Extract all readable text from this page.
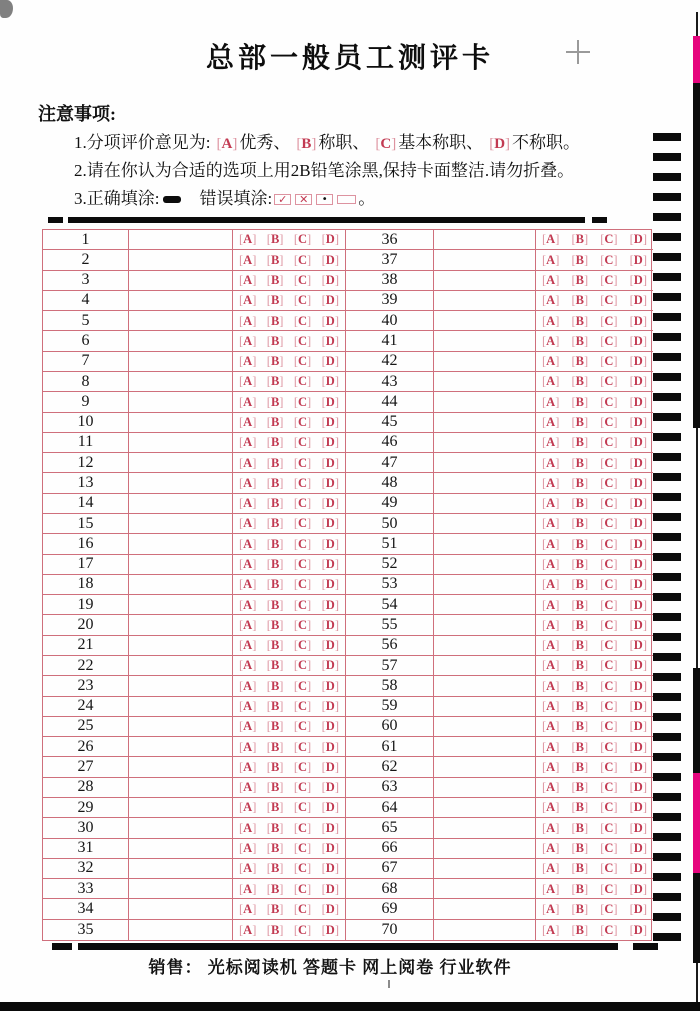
总部一般员工测评卡
注意事项:
1.分项评价意见为: [A] 优秀、 [B] 称职、 [C] 基本称职、 [D] 不称职。
2.请在你认为合适的选项上用2B铅笔涂黑,保持卡面整洁.请勿折叠。
3.正确填涂: 错误填涂: ✓ ✕ • 。
1	[A] [B] [C] [D]	36	[A] [B] [C] [D]
2	[A] [B] [C] [D]	37	[A] [B] [C] [D]
3	[A] [B] [C] [D]	38	[A] [B] [C] [D]
4	[A] [B] [C] [D]	39	[A] [B] [C] [D]
5	[A] [B] [C] [D]	40	[A] [B] [C] [D]
6	[A] [B] [C] [D]	41	[A] [B] [C] [D]
7	[A] [B] [C] [D]	42	[A] [B] [C] [D]
8	[A] [B] [C] [D]	43	[A] [B] [C] [D]
9	[A] [B] [C] [D]	44	[A] [B] [C] [D]
10	[A] [B] [C] [D]	45	[A] [B] [C] [D]
11	[A] [B] [C] [D]	46	[A] [B] [C] [D]
12	[A] [B] [C] [D]	47	[A] [B] [C] [D]
13	[A] [B] [C] [D]	48	[A] [B] [C] [D]
14	[A] [B] [C] [D]	49	[A] [B] [C] [D]
15	[A] [B] [C] [D]	50	[A] [B] [C] [D]
16	[A] [B] [C] [D]	51	[A] [B] [C] [D]
17	[A] [B] [C] [D]	52	[A] [B] [C] [D]
18	[A] [B] [C] [D]	53	[A] [B] [C] [D]
19	[A] [B] [C] [D]	54	[A] [B] [C] [D]
20	[A] [B] [C] [D]	55	[A] [B] [C] [D]
21	[A] [B] [C] [D]	56	[A] [B] [C] [D]
22	[A] [B] [C] [D]	57	[A] [B] [C] [D]
23	[A] [B] [C] [D]	58	[A] [B] [C] [D]
24	[A] [B] [C] [D]	59	[A] [B] [C] [D]
25	[A] [B] [C] [D]	60	[A] [B] [C] [D]
26	[A] [B] [C] [D]	61	[A] [B] [C] [D]
27	[A] [B] [C] [D]	62	[A] [B] [C] [D]
28	[A] [B] [C] [D]	63	[A] [B] [C] [D]
29	[A] [B] [C] [D]	64	[A] [B] [C] [D]
30	[A] [B] [C] [D]	65	[A] [B] [C] [D]
31	[A] [B] [C] [D]	66	[A] [B] [C] [D]
32	[A] [B] [C] [D]	67	[A] [B] [C] [D]
33	[A] [B] [C] [D]	68	[A] [B] [C] [D]
34	[A] [B] [C] [D]	69	[A] [B] [C] [D]
35	[A] [B] [C] [D]	70	[A] [B] [C] [D]
销售： 光标阅读机 答题卡 网上阅卷 行业软件
